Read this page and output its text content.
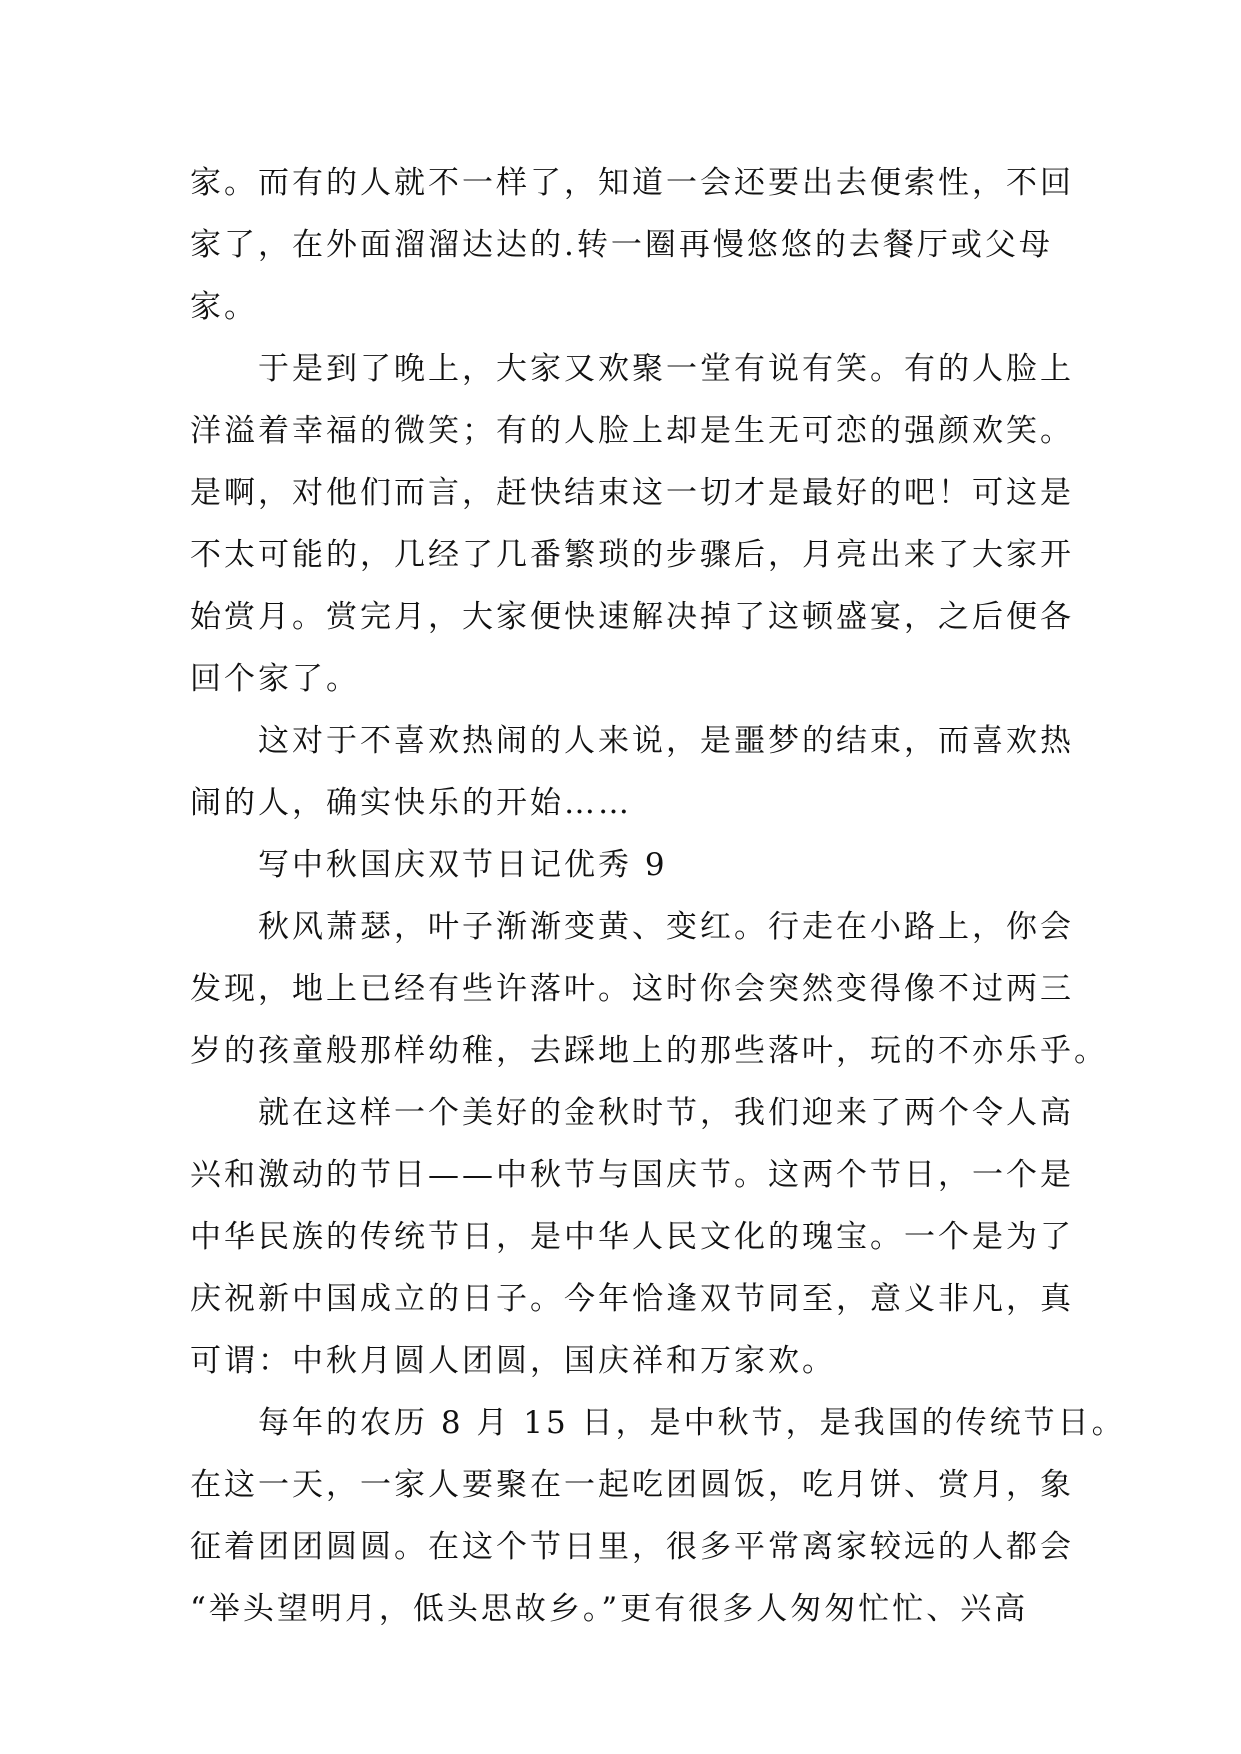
家。而有的人就不一样了，知道一会还要出去便索性，不回
家了，在外面溜溜达达的.转一圈再慢悠悠的去餐厅或父母
家。
　　于是到了晚上，大家又欢聚一堂有说有笑。有的人脸上
洋溢着幸福的微笑；有的人脸上却是生无可恋的强颜欢笑。
是啊，对他们而言，赶快结束这一切才是最好的吧！可这是
不太可能的，几经了几番繁琐的步骤后，月亮出来了大家开
始赏月。赏完月，大家便快速解决掉了这顿盛宴，之后便各
回个家了。
　　这对于不喜欢热闹的人来说，是噩梦的结束，而喜欢热
闹的人，确实快乐的开始……
　　写中秋国庆双节日记优秀 9
　　秋风萧瑟，叶子渐渐变黄、变红。行走在小路上，你会
发现，地上已经有些许落叶。这时你会突然变得像不过两三
岁的孩童般那样幼稚，去踩地上的那些落叶，玩的不亦乐乎。
　　就在这样一个美好的金秋时节，我们迎来了两个令人高
兴和激动的节日——中秋节与国庆节。这两个节日，一个是
中华民族的传统节日，是中华人民文化的瑰宝。一个是为了
庆祝新中国成立的日子。今年恰逢双节同至，意义非凡，真
可谓：中秋月圆人团圆，国庆祥和万家欢。
　　每年的农历 8 月 15 日，是中秋节，是我国的传统节日。
在这一天，一家人要聚在一起吃团圆饭，吃月饼、赏月，象
征着团团圆圆。在这个节日里，很多平常离家较远的人都会
“举头望明月，低头思故乡。”更有很多人匆匆忙忙、兴高
